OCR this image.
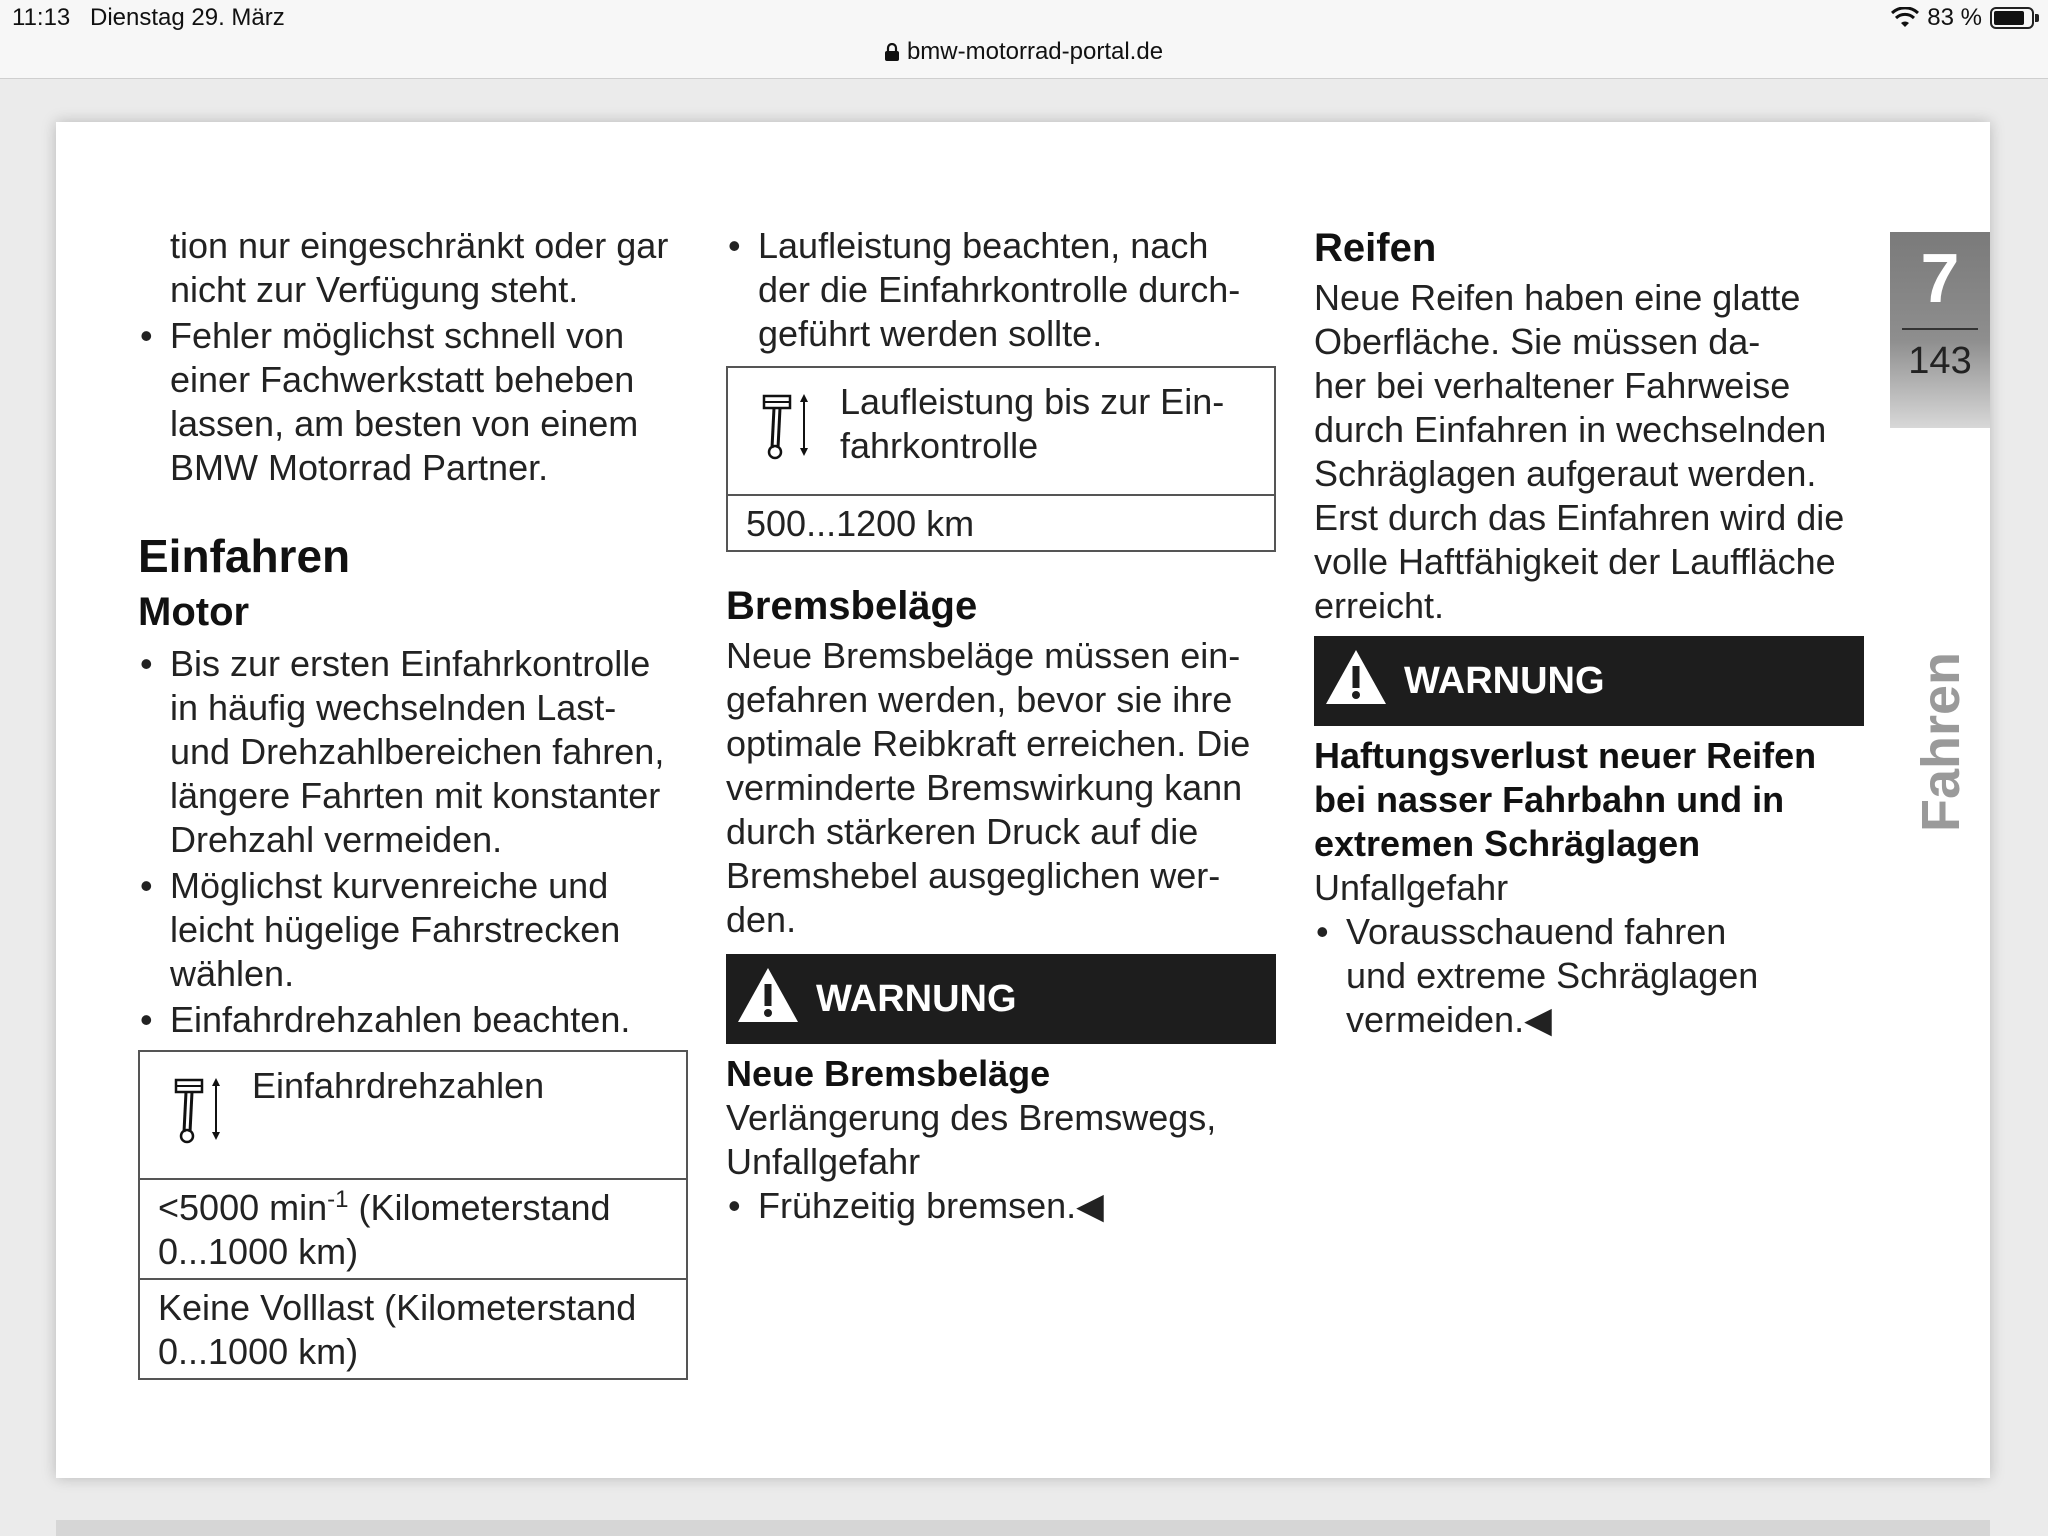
11:13 Dienstag 29. März	83 %
bmw-motorrad-portal.de
tion nur eingeschränkt oder gar
nicht zur Verfügung steht.
• Fehler möglichst schnell von
einer Fachwerkstatt beheben
lassen, am besten von einem
BMW Motorrad Partner.
Einfahren
Motor
• Bis zur ersten Einfahrkontrolle
in häufig wechselnden Last-
und Drehzahlbereichen fahren,
längere Fahrten mit konstanter
Drehzahl vermeiden.
• Möglichst kurvenreiche und
leicht hügelige Fahrstrecken
wählen.
• Einfahrdrehzahlen beachten.
Einfahrdrehzahlen
<5000 $\min^{-1}$ (Kilometerstand
0...1000 km)
Keine Volllast (Kilometerstand
0...1000 km)
• Laufleistung beachten, nach
der die Einfahrkontrolle durch-
geführt werden sollte.
Laufleistung bis zur Ein-
fahrkontrolle
500...1200 km
Bremsbeläge
Neue Bremsbeläge müssen ein-
gefahren werden, bevor sie ihre
optimale Reibkraft erreichen. Die
verminderte Bremswirkung kann
durch stärkeren Druck auf die
Bremshebel ausgeglichen wer-
den.
WARNUNG
Neue Bremsbeläge
Verlängerung des Bremswegs,
Unfallgefahr
• Frühzeitig bremsen.◀
Reifen
Neue Reifen haben eine glatte
Oberfläche. Sie müssen da-
her bei verhaltener Fahrweise
durch Einfahren in wechselnden
Schräglagen aufgeraut werden.
Erst durch das Einfahren wird die
volle Haftfähigkeit der Lauffläche
erreicht.
WARNUNG
Haftungsverlust neuer Reifen
bei nasser Fahrbahn und in
extremen Schräglagen
Unfallgefahr
• Vorausschauend fahren
und extreme Schräglagen
vermeiden.◀
7
143
Fahren
